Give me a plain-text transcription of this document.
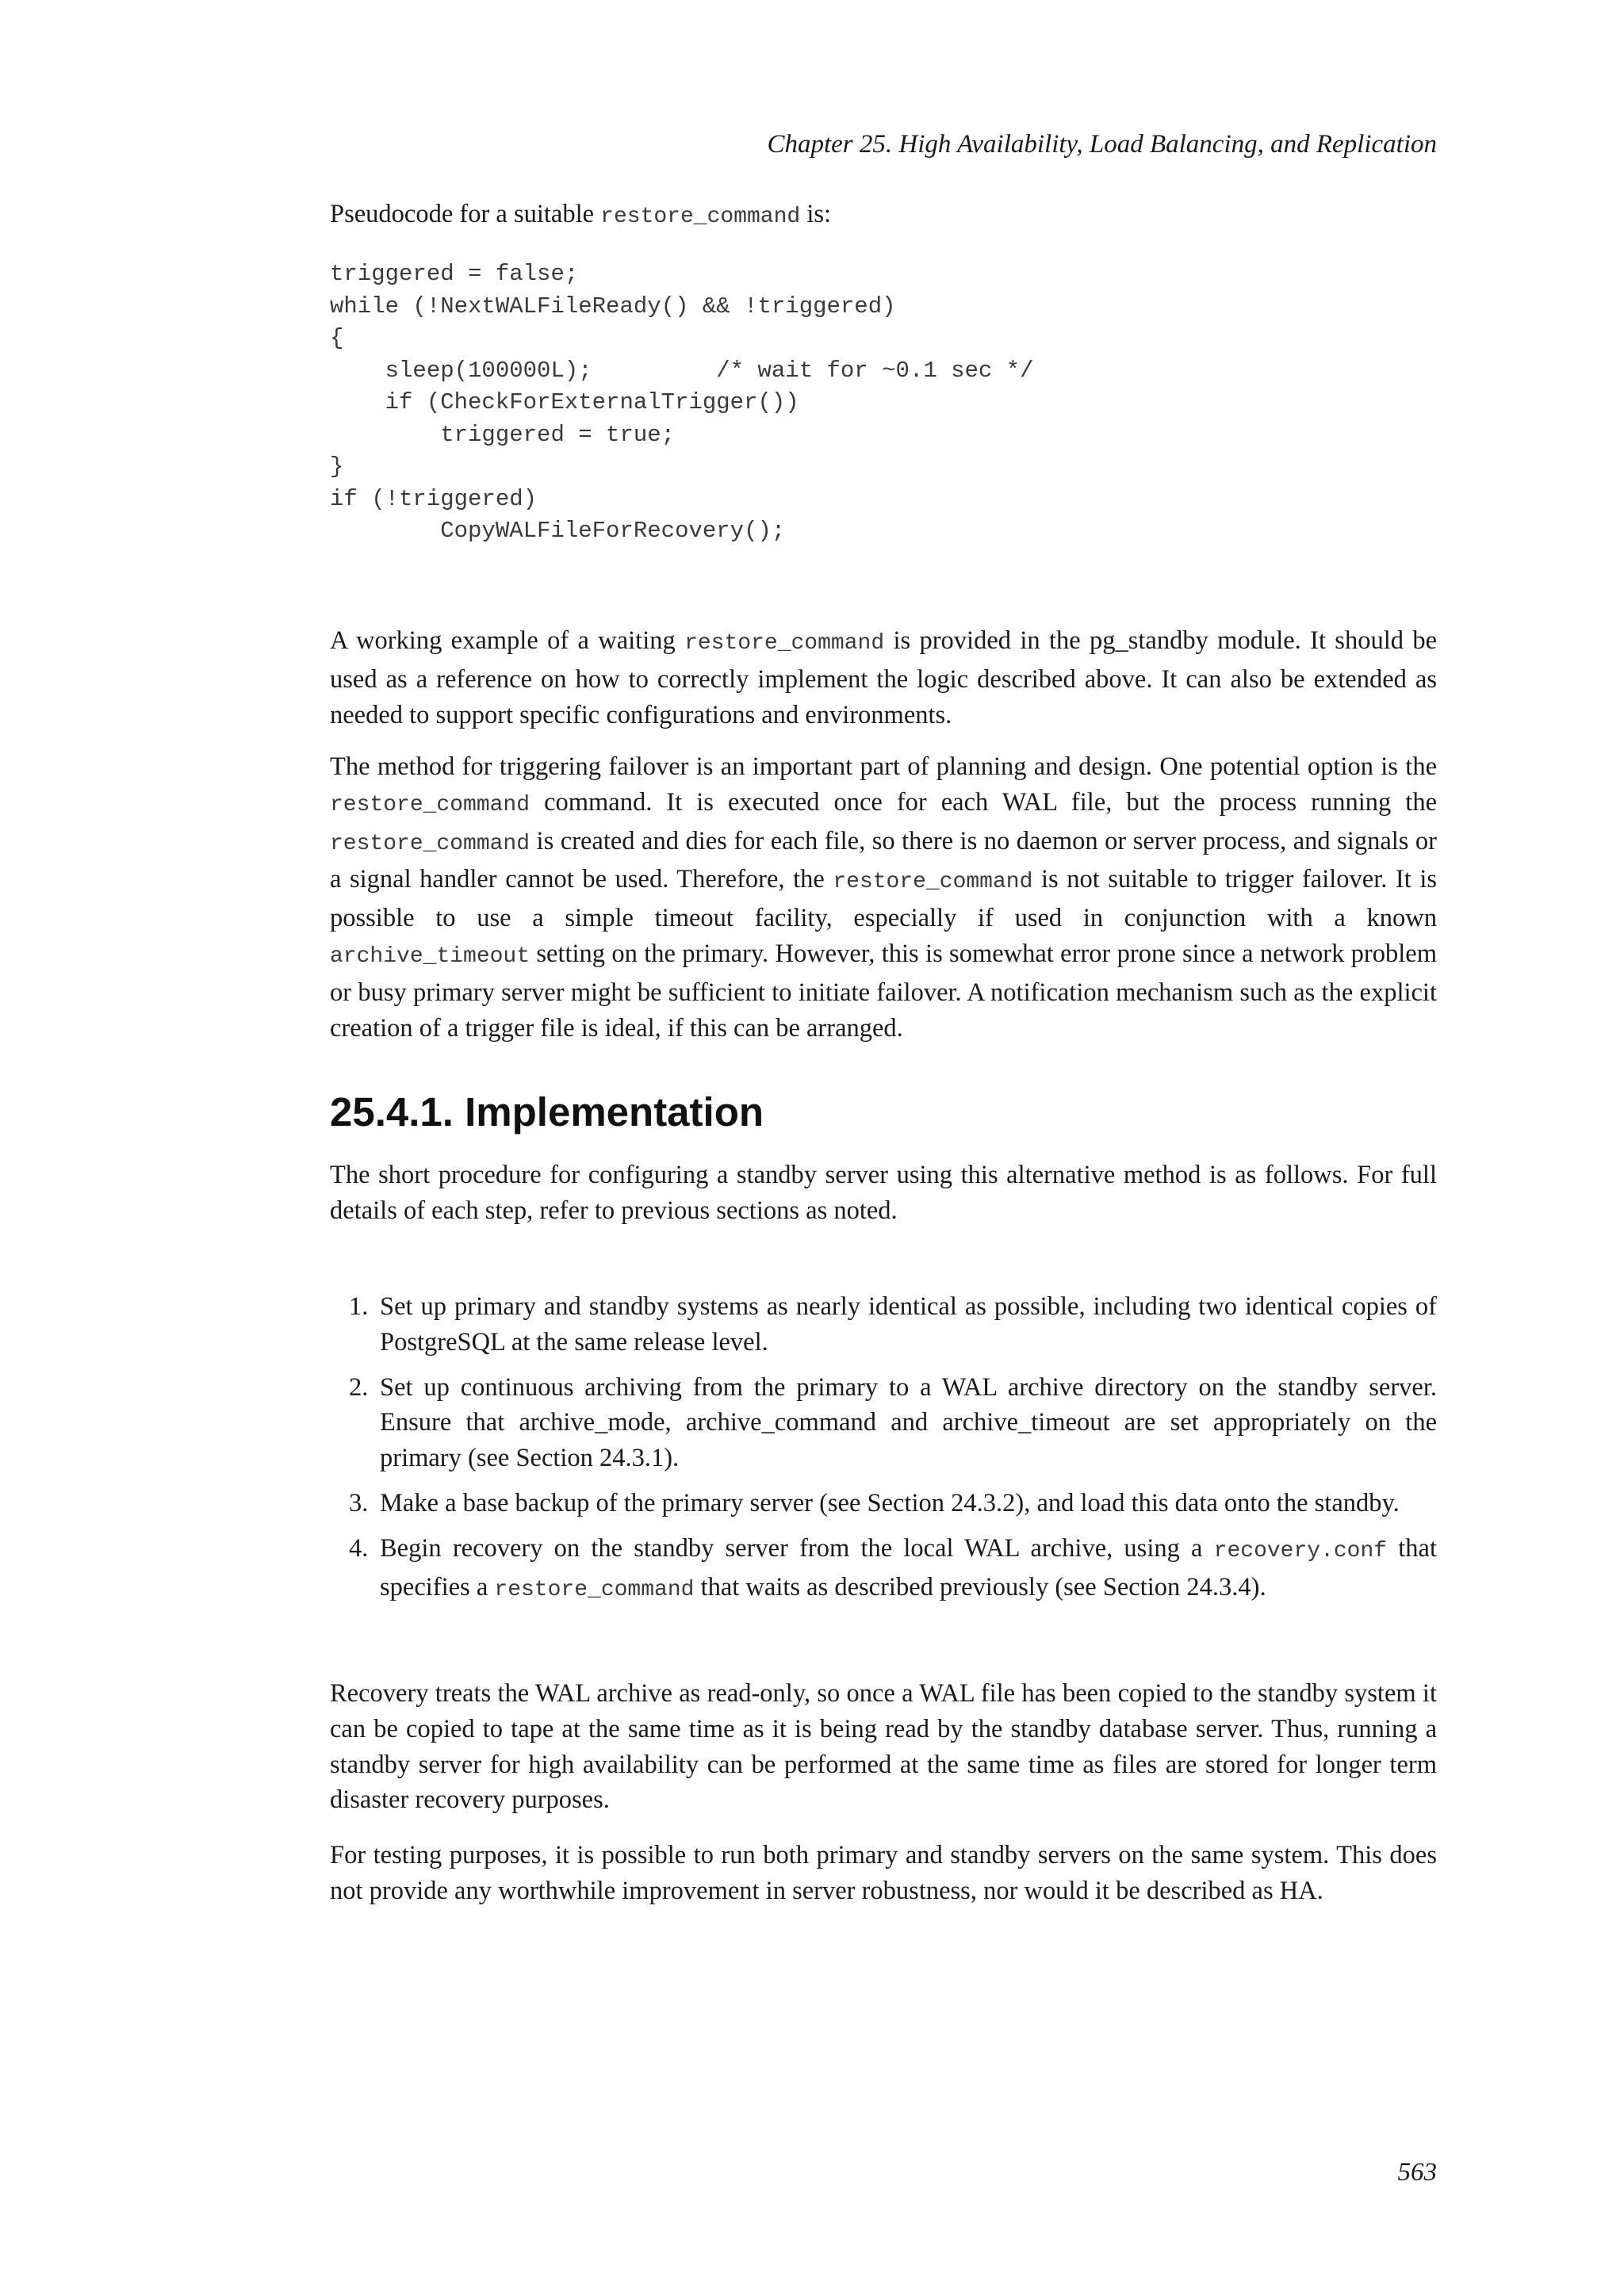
Chapter 25. High Availability, Load Balancing, and Replication

Pseudocode for a suitable restore_command is:

triggered = false;
while (!NextWALFileReady() && !triggered)
{
sleep(100000L);         /* wait for ~0.1 sec */
if (CheckForExternalTrigger())
triggered = true;
}
if (!triggered)
CopyWALFileForRecovery();

A working example of a waiting restore_command is provided in the pg_standby module. It should be used as a reference on how to correctly implement the logic described above. It can also be extended as needed to support specific configurations and environments.

The method for triggering failover is an important part of planning and design. One potential option is the restore_command command. It is executed once for each WAL file, but the process running the restore_command is created and dies for each file, so there is no daemon or server process, and signals or a signal handler cannot be used. Therefore, the restore_command is not suitable to trigger failover. It is possible to use a simple timeout facility, especially if used in conjunction with a known archive_timeout setting on the primary. However, this is somewhat error prone since a network problem or busy primary server might be sufficient to initiate failover. A notification mechanism such as the explicit creation of a trigger file is ideal, if this can be arranged.

25.4.1. Implementation

The short procedure for configuring a standby server using this alternative method is as follows. For full details of each step, refer to previous sections as noted.

1. Set up primary and standby systems as nearly identical as possible, including two identical copies of PostgreSQL at the same release level.
2. Set up continuous archiving from the primary to a WAL archive directory on the standby server. Ensure that archive_mode, archive_command and archive_timeout are set appropriately on the primary (see Section 24.3.1).
3. Make a base backup of the primary server (see Section 24.3.2), and load this data onto the standby.
4. Begin recovery on the standby server from the local WAL archive, using a recovery.conf that specifies a restore_command that waits as described previously (see Section 24.3.4).

Recovery treats the WAL archive as read-only, so once a WAL file has been copied to the standby system it can be copied to tape at the same time as it is being read by the standby database server. Thus, running a standby server for high availability can be performed at the same time as files are stored for longer term disaster recovery purposes.

For testing purposes, it is possible to run both primary and standby servers on the same system. This does not provide any worthwhile improvement in server robustness, nor would it be described as HA.

563
